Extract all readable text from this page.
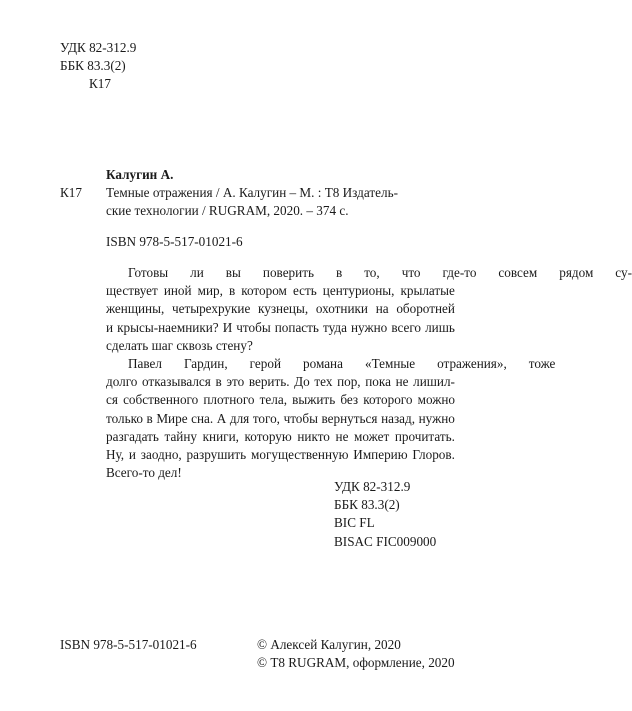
УДК 82-312.9
ББК 83.3(2)
К17
Калугин А.
К17 Темные отражения / А. Калугин – М. : Т8 Издатель-
ские технологии / RUGRAM, 2020. – 374 с.
ISBN 978-5-517-01021-6
Готовы	ли	вы	поверить	в	то,	что	где-то	совсем	рядом	су-
ществует иной мир, в котором есть центурионы, крылатые
женщины, четырехрукие кузнецы, охотники на оборотней
и крысы-наемники? И чтобы попасть туда нужно всего лишь
сделать шаг сквозь стену?
Павел	Гардин,	герой	романа	«Темные	отражения»,	тоже
долго отказывался в это верить. До тех пор, пока не лишил-
ся собственного плотного тела, выжить без которого можно
только в Мире сна. А для того, чтобы вернуться назад, нужно
разгадать тайну книги, которую никто не может прочитать.
Ну, и заодно, разрушить могущественную Империю Глоров.
Всего-то дел!
УДК 82-312.9
ББК 83.3(2)
BIC FL
BISAC FIC009000
ISBN 978-5-517-01021-6	© Алексей Калугин, 2020
© Т8 RUGRAM, оформление, 2020
